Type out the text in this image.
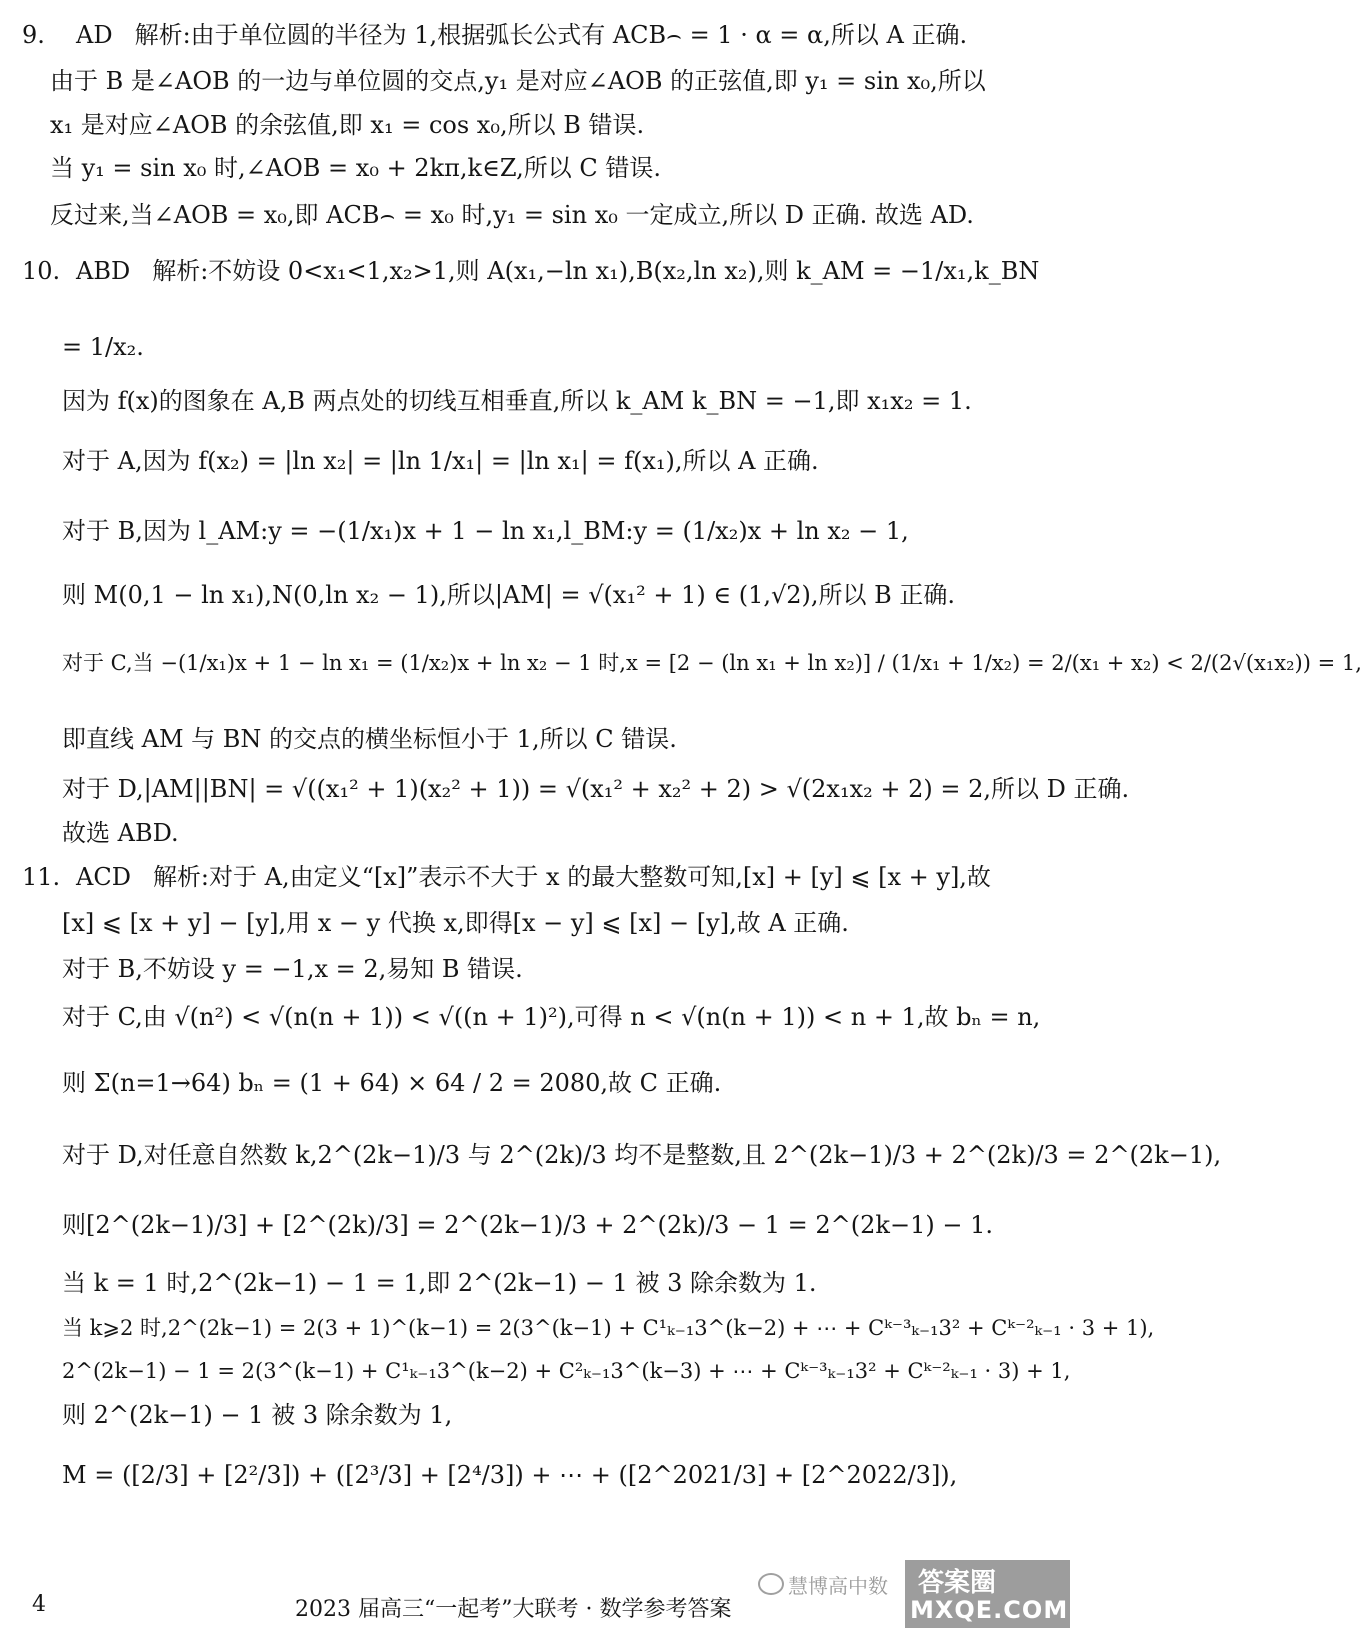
9. AD 解析:由于单位圆的半径为 1,根据弧长公式有 ACB⌢ = 1 · α = α,所以 A 正确.
由于 B 是∠AOB 的一边与单位圆的交点,y₁ 是对应∠AOB 的正弦值,即 y₁ = sin x₀,所以
x₁ 是对应∠AOB 的余弦值,即 x₁ = cos x₀,所以 B 错误.
当 y₁ = sin x₀ 时,∠AOB = x₀ + 2kπ,k∈Z,所以 C 错误.
反过来,当∠AOB = x₀,即 ACB⌢ = x₀ 时,y₁ = sin x₀ 一定成立,所以 D 正确. 故选 AD.
10. ABD 解析:不妨设 0<x₁<1,x₂>1,则 A(x₁,−ln x₁),B(x₂,ln x₂),则 k_AM = −1/x₁,k_BN
= 1/x₂.
因为 f(x)的图象在 A,B 两点处的切线互相垂直,所以 k_AM k_BN = −1,即 x₁x₂ = 1.
对于 A,因为 f(x₂) = |ln x₂| = |ln 1/x₁| = |ln x₁| = f(x₁),所以 A 正确.
对于 B,因为 l_AM:y = −(1/x₁)x + 1 − ln x₁,l_BM:y = (1/x₂)x + ln x₂ − 1,
则 M(0,1 − ln x₁),N(0,ln x₂ − 1),所以|AM| = √(x₁² + 1) ∈ (1,√2),所以 B 正确.
对于 C,当 −(1/x₁)x + 1 − ln x₁ = (1/x₂)x + ln x₂ − 1 时,x = [2 − (ln x₁ + ln x₂)] / (1/x₁ + 1/x₂) = 2/(x₁ + x₂) < 2/(2√(x₁x₂)) = 1,
即直线 AM 与 BN 的交点的横坐标恒小于 1,所以 C 错误.
对于 D,|AM||BN| = √((x₁² + 1)(x₂² + 1)) = √(x₁² + x₂² + 2) > √(2x₁x₂ + 2) = 2,所以 D 正确.
故选 ABD.
11. ACD 解析:对于 A,由定义“[x]”表示不大于 x 的最大整数可知,[x] + [y] ⩽ [x + y],故
[x] ⩽ [x + y] − [y],用 x − y 代换 x,即得[x − y] ⩽ [x] − [y],故 A 正确.
对于 B,不妨设 y = −1,x = 2,易知 B 错误.
对于 C,由 √(n²) < √(n(n + 1)) < √((n + 1)²),可得 n < √(n(n + 1)) < n + 1,故 bₙ = n,
则 Σ(n=1→64) bₙ = (1 + 64) × 64 / 2 = 2080,故 C 正确.
对于 D,对任意自然数 k,2^(2k−1)/3 与 2^(2k)/3 均不是整数,且 2^(2k−1)/3 + 2^(2k)/3 = 2^(2k−1),
则[2^(2k−1)/3] + [2^(2k)/3] = 2^(2k−1)/3 + 2^(2k)/3 − 1 = 2^(2k−1) − 1.
当 k = 1 时,2^(2k−1) − 1 = 1,即 2^(2k−1) − 1 被 3 除余数为 1.
当 k⩾2 时,2^(2k−1) = 2(3 + 1)^(k−1) = 2(3^(k−1) + C¹ₖ₋₁3^(k−2) + ⋯ + Cᵏ⁻³ₖ₋₁3² + Cᵏ⁻²ₖ₋₁ · 3 + 1),
2^(2k−1) − 1 = 2(3^(k−1) + C¹ₖ₋₁3^(k−2) + C²ₖ₋₁3^(k−3) + ⋯ + Cᵏ⁻³ₖ₋₁3² + Cᵏ⁻²ₖ₋₁ · 3) + 1,
则 2^(2k−1) − 1 被 3 除余数为 1,
M = ([2/3] + [2²/3]) + ([2³/3] + [2⁴/3]) + ⋯ + ([2^2021/3] + [2^2022/3]),
4	2023 届高三“一起考”大联考 · 数学参考答案
慧博高中数 答案圈
MXQE.COM
